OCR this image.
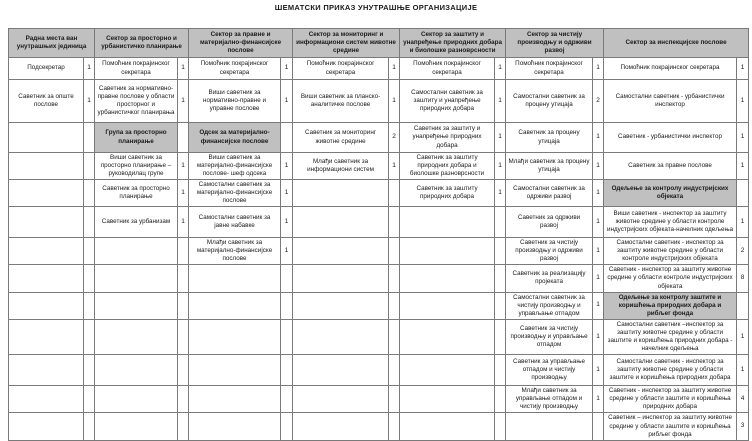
ШЕМАТСКИ ПРИКАЗ УНУТРАШЊЕ ОРГАНИЗАЦИЈЕ
Радна места ван унутрашњих јединица		Сектор за просторно и урбанистичко планирање		Сектор за правне и материјално-финансијске послове		Сектор за мониторинг и информациони систем животне средине		Сектор за заштиту и унапређење природних добара и биолошке разноврсности		Сектор за чистију производњу и одрживи развој		Сектор за инспекцијске послове	
Подсекретар	1	Помоћник покрајинског секретара	1	Помоћник покрајинског секретара	1	Помоћник покрајинског секретара	1	Помоћник покрајинског секретара	1	Помоћник покрајинског секретара	1	Помоћник покрајинског секретара	1
Саветник за опште послове	1	Саветник за нормативно- правне послове у области просторног и урбанистичког планирања	1	Виши саветник за нормативно-правне и управне послове	1	Виши саветник за планско-аналитичке послове	1	Самостални саветник за заштиту и унапређење природних добара	1	Самостални саветник за процену утицаја	2	Самостални саветник - урбанистички инспектор	1
		Група за просторно планирање		Одсек за материјално-финансијске послове		Саветник за мониторинг животне средине	2	Саветник за заштиту и унапређење природних добара	1	Саветник за процену утицаја	1	Саветник - урбанистички инспектор	1
		Виши саветник за просторно планирање – руководилац групе	1	Виши саветник за материјално-финансијске послове- шеф одсека	1	Млађи саветник за информациони систем	1	Саветник за заштиту природних добара и биолошке разноврсности	1	Млађи саветник за процену утицаја	1	Саветник за правне послове	1
		Саветник за просторно планирање	1	Самостални саветник за материјално-финансијске послове	1			Саветник за заштиту природних добара	1	Самостални саветник за одрживи развој	1	Одељење за контролу индустријских објеката	
		Саветник за урбанизам	1	Самостални саветник за јавне набавке	1					Саветник за одрживи развој	1	Виши саветник - инспектор за заштиту животне средине у области контроле индустријских објеката-начелник одељења	1
				Млађи саветник за материјално-финансијске послове	1					Саветник за чистију производњу и одрживи развој	1	Самостални саветник - инспектор за заштиту животне средине у области контроле индустријских објеката	2
										Саветник за реализацију пројеката	1	Саветник - инспектор за заштиту животне средине у области контроле индустријских објеката	8
										Самостални саветник за чистију производњу и управљање отпадом	1	Одељење за контролу заштите и коришћења природних добара и рибљег фонда	
										Саветник за чистију производњу и управљање отпадом	1	Самостални саветник –инспектор за заштиту животне средине у области заштите и коришћења природних добара - начелник одељења	1
										Саветник за управљање отпадом и чистију производњу	1	Самостални саветник - инспектор за заштиту животне средине у области заштите и коришћења природних добара	1
										Млађи саветник за управљање отпадом и чистију производњу	1	Саветник - инспектор за заштиту животне средине у области заштите и коришћења природних добара	4
												Саветник – инспектор за заштиту животне средине у области заштите и коришћења рибљег фонда	3
